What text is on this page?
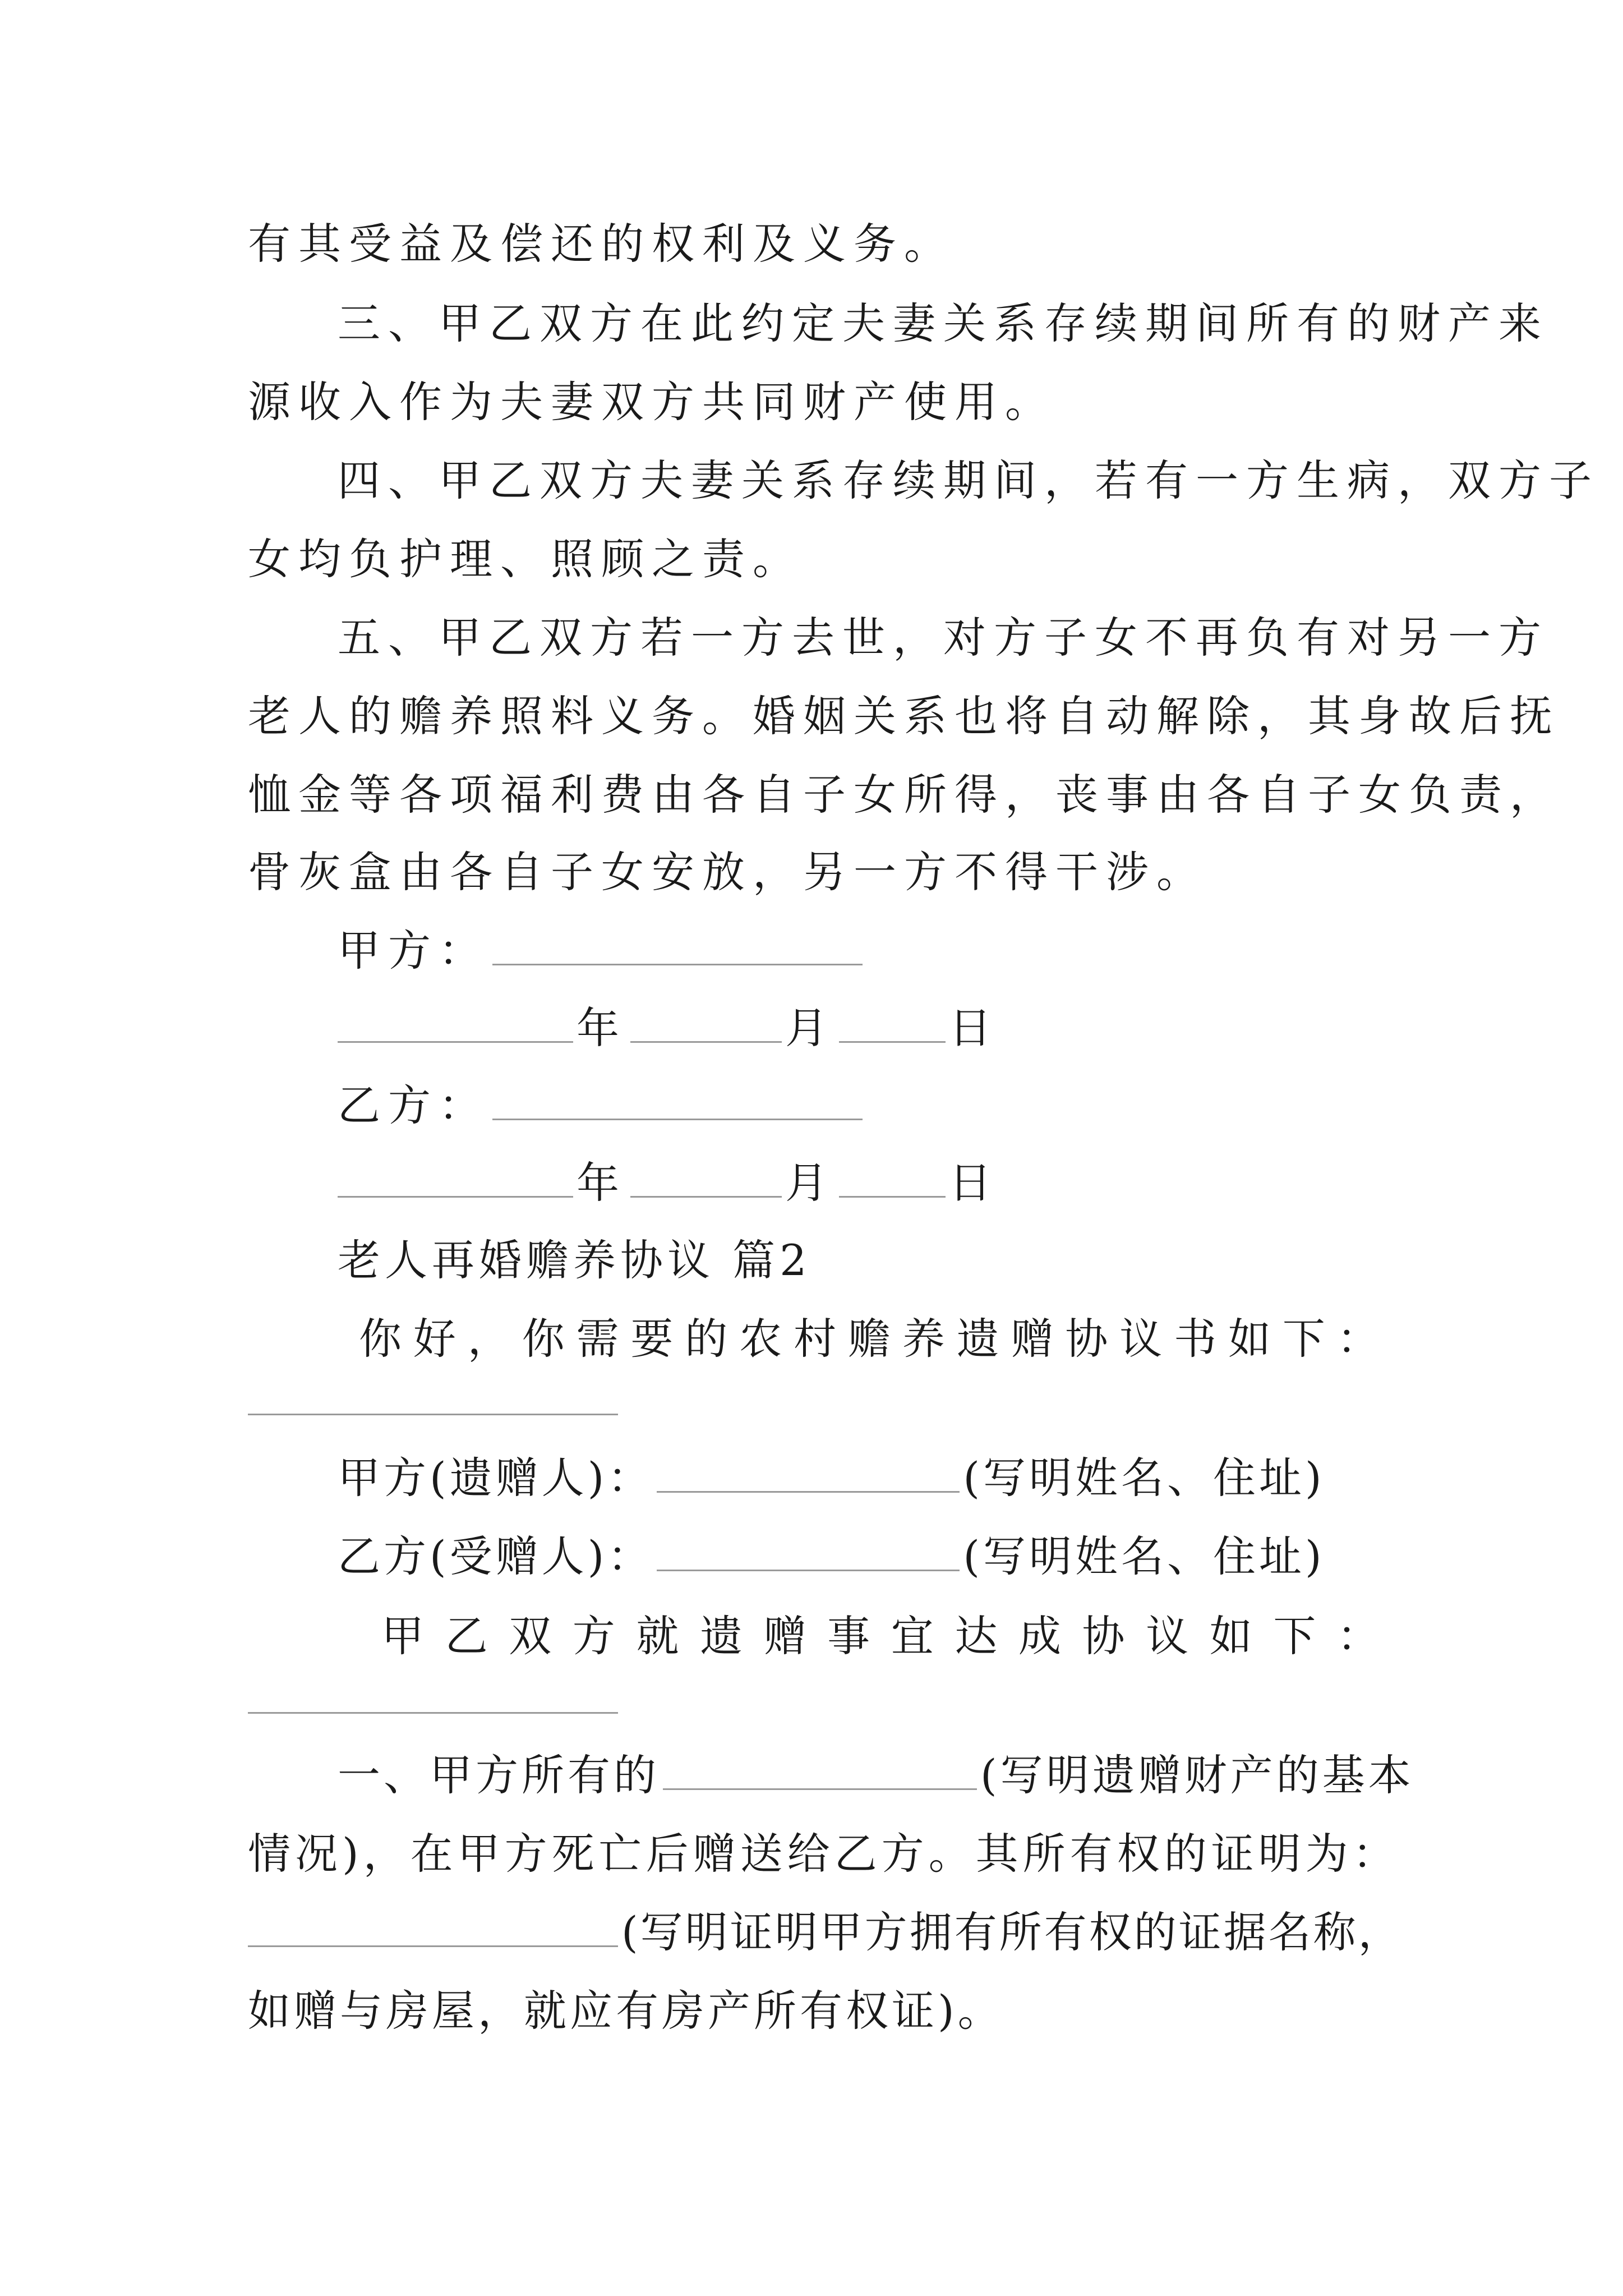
有其受益及偿还的权利及义务。
三、甲乙双方在此约定夫妻关系存续期间所有的财产来
源收入作为夫妻双方共同财产使用。
四、甲乙双方夫妻关系存续期间，若有一方生病，双方子
女均负护理、照顾之责。
五、甲乙双方若一方去世，对方子女不再负有对另一方
老人的赡养照料义务。婚姻关系也将自动解除，其身故后抚
恤金等各项福利费由各自子女所得，丧事由各自子女负责，
骨灰盒由各自子女安放，另一方不得干涉。
甲方：
年	月	日
乙方：
年	月	日
老人再婚赡养协议 篇2
你 好 ， 你 需 要 的 农 村 赡 养 遗 赠 协 议 书 如 下 ：
甲方(遗赠人)：	(写明姓名、住址)
乙方(受赠人)：	(写明姓名、住址)
甲 乙 双 方 就 遗 赠 事 宜 达 成 协 议 如 下 ：
一、甲方所有的	(写明遗赠财产的基本
情况)，在甲方死亡后赠送给乙方。其所有权的证明为：
(写明证明甲方拥有所有权的证据名称，
如赠与房屋，就应有房产所有权证)。
